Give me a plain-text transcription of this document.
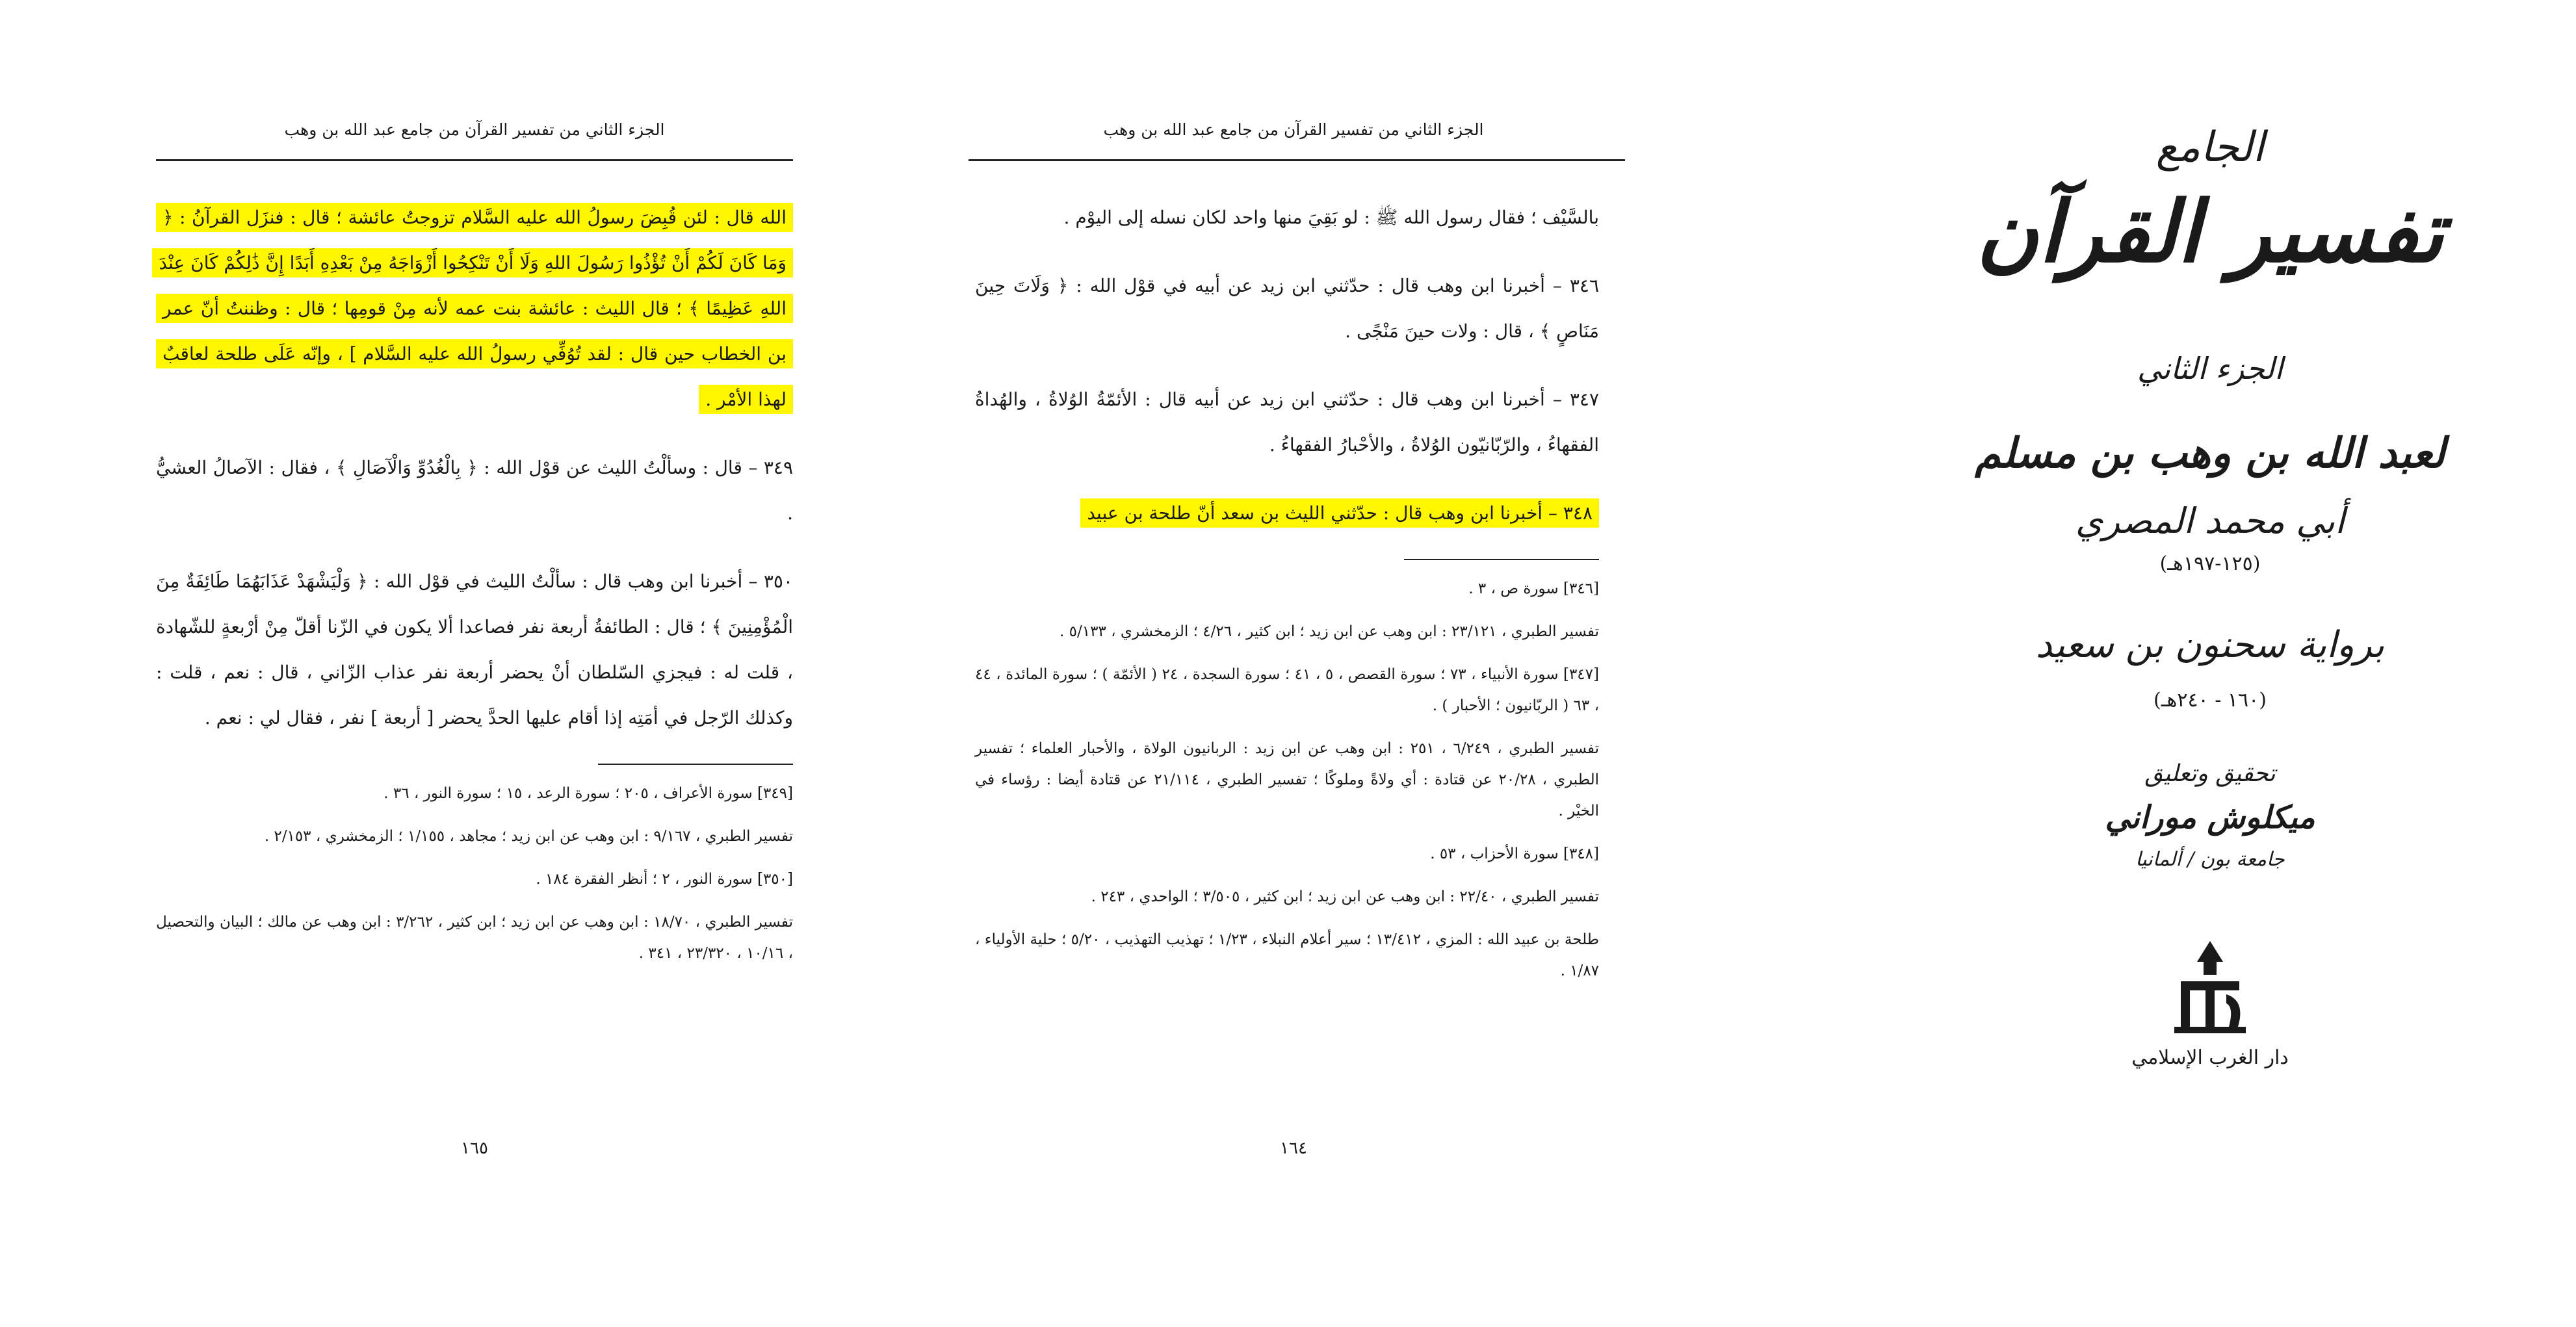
الجزء الثاني من تفسير القرآن من جامع عبد الله بن وهب

الله قال : لئن قُبِضَ رسولُ الله عليه السَّلام تزوجتُ عائشة ؛ قال : فنزَل القرآنُ : ﴿ وَمَا كَانَ لَكُمْ أَنْ تُؤْذُوا رَسُولَ اللهِ وَلَا أَنْ تَنْكِحُوا أَزْوَاجَهُ مِنْ بَعْدِهِ أَبَدًا إِنَّ ذَٰلِكُمْ كَانَ عِنْدَ اللهِ عَظِيمًا ﴾ ؛ قال الليث : عائشة بنت عمه لأنه مِنْ قومِها ؛ قال : وظننتُ أنّ عمر بن الخطاب حين قال : لقد تُوُفِّي رسولُ الله عليه السَّلام ] ، وإنّه عَلَى طلحة لعاقبٌ لهذا الأمْر .

٣٤٩ – قال : وسألْتُ الليث عن قوْل الله : ﴿ بِالْغُدُوِّ وَالْآصَالِ ﴾ ، فقال : الآصالُ العشيُّ .

٣٥٠ – أخبرنا ابن وهب قال : سألْتُ الليث في قوْل الله : ﴿ وَلْيَشْهَدْ عَذَابَهُمَا طَائِفَةٌ مِنَ الْمُؤْمِنِينَ ﴾ ؛ قال : الطائفةُ أربعة نفر فصاعدا ألا يكون في الزّنا أقلّ مِنْ أرْبعةٍ للشّهادة ، قلت له : فيجزي السّلطان أنْ يحضر أربعة نفر عذاب الزّاني ، قال : نعم ، قلت : وكذلك الرّجل في أمَتِه إذا أقام عليها الحدَّ يحضر [ أربعة ] نفر ، فقال لي : نعم .

[٣٤٩] سورة الأعراف ، ٢٠٥ ؛ سورة الرعد ، ١٥ ؛ سورة النور ، ٣٦ .
تفسير الطبري ، ٩/١٦٧ : ابن وهب عن ابن زيد ؛ مجاهد ، ١/١٥٥ ؛ الزمخشري ، ٢/١٥٣ .
[٣٥٠] سورة النور ، ٢ ؛ أنظر الفقرة ١٨٤ .
تفسير الطبري ، ١٨/٧٠ : ابن وهب عن ابن زيد ؛ ابن كثير ، ٣/٢٦٢ : ابن وهب عن مالك ؛ البيان والتحصيل ، ١٠/١٦ ، ٢٣/٣٢٠ ، ٣٤١ .
١٦٥
الجزء الثاني من تفسير القرآن من جامع عبد الله بن وهب

بالسَّيْف ؛ فقال رسول الله ﷺ : لو بَقِيَ منها واحد لكان نسله إلى اليوْم .

٣٤٦ – أخبرنا ابن وهب قال : حدّثني ابن زيد عن أبيه في قوْل الله : ﴿ وَلَاتَ حِينَ مَنَاصٍ ﴾ ، قال : ولات حينَ مَنْجًى .

٣٤٧ – أخبرنا ابن وهب قال : حدّثني ابن زيد عن أبيه قال : الأئمّةُ الوُلاةُ ، والهُداةُ الفقهاءُ ، والرّبّانيّون الوُلاةُ ، والأحْبارُ الفقهاءُ .

٣٤٨ – أخبرنا ابن وهب قال : حدّثني الليث بن سعد أنّ طلحة بن عبيد

[٣٤٦] سورة ص ، ٣ .
تفسير الطبري ، ٢٣/١٢١ : ابن وهب عن ابن زيد ؛ ابن كثير ، ٤/٢٦ ؛ الزمخشري ، ٥/١٣٣ .
[٣٤٧] سورة الأنبياء ، ٧٣ ؛ سورة القصص ، ٥ ، ٤١ ؛ سورة السجدة ، ٢٤ ( الأئمّة ) ؛ سورة المائدة ، ٤٤ ، ٦٣ ( الربّانيون ؛ الأحبار ) .
تفسير الطبري ، ٦/٢٤٩ ، ٢٥١ : ابن وهب عن ابن زيد : الربانيون الولاة ، والأحبار العلماء ؛ تفسير الطبري ، ٢٠/٢٨ عن قتادة : أي ولاةً وملوكًا ؛ تفسير الطبري ، ٢١/١١٤ عن قتادة أيضا : رؤساء في الخيْر .
[٣٤٨] سورة الأحزاب ، ٥٣ .
تفسير الطبري ، ٢٢/٤٠ : ابن وهب عن ابن زيد ؛ ابن كثير ، ٣/٥٠٥ ؛ الواحدي ، ٢٤٣ .
طلحة بن عبيد الله : المزي ، ١٣/٤١٢ ؛ سير أعلام النبلاء ، ١/٢٣ ؛ تهذيب التهذيب ، ٥/٢٠ ؛ حلية الأولياء ، ١/٨٧ .
١٦٤
الجامع
تفسير القرآن
الجزء الثاني
لعبد الله بن وهب بن مسلم
أبي محمد المصري
(١٢٥-١٩٧هـ)
برواية سحنون بن سعيد
(١٦٠ - ٢٤٠هـ)
تحقيق وتعليق
ميكلوش موراني
جامعة بون / ألمانيا
دار الغرب الإسلامي
